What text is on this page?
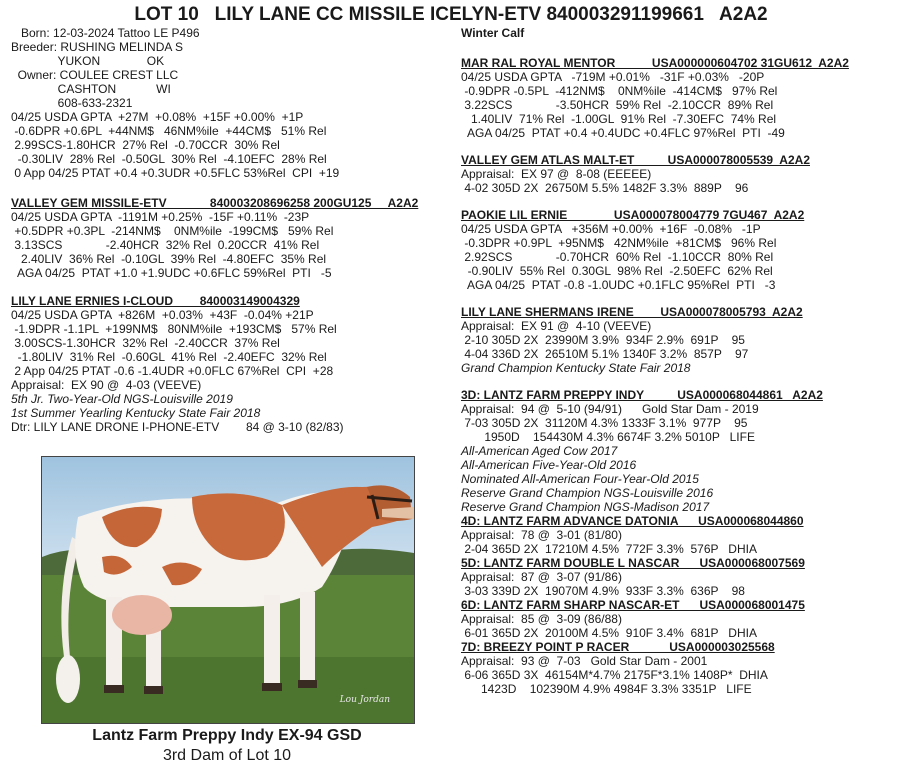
LOT 10   LILY LANE CC MISSILE ICELYN-ETV 840003291199661   A2A2
Born: 12-03-2024 Tattoo LE P496
Breeder: RUSHING MELINDA S
YUKON              OK
Owner: COULEE CREST LLC
CASHTON            WI
608-633-2321
04/25 USDA GPTA  +27M  +0.08%  +15F +0.00%  +1P
-0.6DPR +0.6PL  +44NM$   46NM%ile  +44CM$   51% Rel
2.99SCS-1.80HCR  27% Rel  -0.70CCR  30% Rel
-0.30LIV  28% Rel  -0.50GL  30% Rel  -4.10EFC  28% Rel
0 App 04/25 PTAT +0.4 +0.3UDR +0.5FLC 53%Rel  CPI  +19
VALLEY GEM MISSILE-ETV             840003208696258 200GU125     A2A2
04/25 USDA GPTA  -1191M +0.25%  -15F +0.11%  -23P
+0.5DPR +0.3PL  -214NM$    0NM%ile  -199CM$   59% Rel
3.13SCS             -2.40HCR  32% Rel  0.20CCR  41% Rel
2.40LIV  36% Rel  -0.10GL  39% Rel  -4.80EFC  35% Rel
AGA 04/25  PTAT +1.0 +1.9UDC +0.6FLC 59%Rel  PTI   -5
LILY LANE ERNIES I-CLOUD        840003149004329
04/25 USDA GPTA  +826M  +0.03%  +43F  -0.04% +21P
-1.9DPR -1.1PL  +199NM$   80NM%ile  +193CM$   57% Rel
3.00SCS-1.30HCR  32% Rel  -2.40CCR  37% Rel
-1.80LIV  31% Rel  -0.60GL  41% Rel  -2.40EFC  32% Rel
2 App 04/25 PTAT -0.6 -1.4UDR +0.0FLC 67%Rel  CPI  +28
Appraisal:  EX 90 @  4-03 (VEEVE)
5th Jr. Two-Year-Old NGS-Louisville 2019
1st Summer Yearling Kentucky State Fair 2018
Dtr: LILY LANE DRONE I-PHONE-ETV        84 @ 3-10 (82/83)
Lou Jordan
Lantz Farm Preppy Indy EX-94 GSD
3rd Dam of Lot 10
Winter Calf
MAR RAL ROYAL MENTOR           USA000000604702 31GU612  A2A2
04/25 USDA GPTA   -719M +0.01%   -31F +0.03%   -20P
-0.9DPR -0.5PL  -412NM$    0NM%ile  -414CM$   97% Rel
3.22SCS             -3.50HCR  59% Rel  -2.10CCR  89% Rel
1.40LIV  71% Rel  -1.00GL  91% Rel  -7.30EFC  74% Rel
AGA 04/25  PTAT +0.4 +0.4UDC +0.4FLC 97%Rel  PTI  -49
VALLEY GEM ATLAS MALT-ET          USA000078005539  A2A2
Appraisal:  EX 97 @  8-08 (EEEEE)
4-02 305D 2X  26750M 5.5% 1482F 3.3%  889P    96
PAOKIE LIL ERNIE              USA000078004779 7GU467  A2A2
04/25 USDA GPTA   +356M +0.00%  +16F  -0.08%   -1P
-0.3DPR +0.9PL  +95NM$   42NM%ile  +81CM$   96% Rel
2.92SCS             -0.70HCR  60% Rel  -1.10CCR  80% Rel
-0.90LIV  55% Rel  0.30GL  98% Rel  -2.50EFC  62% Rel
AGA 04/25  PTAT -0.8 -1.0UDC +0.1FLC 95%Rel  PTI   -3
LILY LANE SHERMANS IRENE        USA000078005793  A2A2
Appraisal:  EX 91 @  4-10 (VEEVE)
2-10 305D 2X  23990M 3.9%  934F 2.9%  691P    95
4-04 336D 2X  26510M 5.1% 1340F 3.2%  857P    97
Grand Champion Kentucky State Fair 2018
3D: LANTZ FARM PREPPY INDY          USA000068044861   A2A2
Appraisal:  94 @  5-10 (94/91)      Gold Star Dam - 2019
7-03 305D 2X  31120M 4.3% 1333F 3.1%  977P    95
1950D    154430M 4.3% 6674F 3.2% 5010P   LIFE
All-American Aged Cow 2017
All-American Five-Year-Old 2016
Nominated All-American Four-Year-Old 2015
Reserve Grand Champion NGS-Louisville 2016
Reserve Grand Champion NGS-Madison 2017
4D: LANTZ FARM ADVANCE DATONIA      USA000068044860
Appraisal:  78 @  3-01 (81/80)
2-04 365D 2X  17210M 4.5%  772F 3.3%  576P   DHIA
5D: LANTZ FARM DOUBLE L NASCAR      USA000068007569
Appraisal:  87 @  3-07 (91/86)
3-03 339D 2X  19070M 4.9%  933F 3.3%  636P    98
6D: LANTZ FARM SHARP NASCAR-ET      USA000068001475
Appraisal:  85 @  3-09 (86/88)
6-01 365D 2X  20100M 4.5%  910F 3.4%  681P   DHIA
7D: BREEZY POINT P RACER            USA000003025568
Appraisal:  93 @  7-03   Gold Star Dam - 2001
6-06 365D 3X  46154M*4.7% 2175F*3.1% 1408P*  DHIA
1423D    102390M 4.9% 4984F 3.3% 3351P   LIFE
